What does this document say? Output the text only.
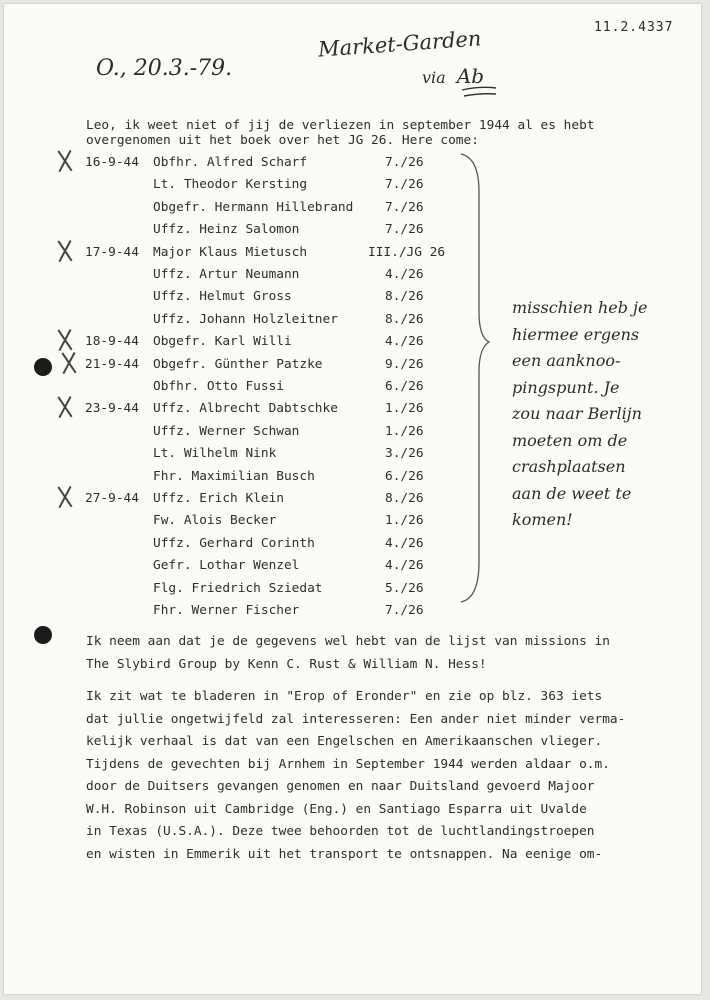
11.2.4337
O., 20.3.-79.
Market-Garden
via Ab
Leo, ik weet niet of jij de verliezen in september 1944 al es hebt
overgenomen uit het boek over het JG 26. Here come:
16-9-44 Obfhr. Alfred Scharf	7./26
Lt. Theodor Kersting	7./26
Obgefr. Hermann Hillebrand 7./26
Uffz. Heinz Salomon	7./26
17-9-44 Major Klaus Mietusch	III./JG 26
Uffz. Artur Neumann	4./26
Uffz. Helmut Gross	8./26
Uffz. Johann Holzleitner	8./26
18-9-44 Obgefr. Karl Willi	4./26
21-9-44 Obgefr. Günther Patzke	9./26
Obfhr. Otto Fussi	6./26
23-9-44 Uffz. Albrecht Dabtschke	1./26
Uffz. Werner Schwan	1./26
Lt. Wilhelm Nink	3./26
Fhr. Maximilian Busch	6./26
27-9-44 Uffz. Erich Klein	8./26
Fw. Alois Becker	1./26
Uffz. Gerhard Corinth	4./26
Gefr. Lothar Wenzel	4./26
Flg. Friedrich Sziedat	5./26
Fhr. Werner Fischer	7./26
misschien heb je
hiermee ergens
een aanknoo-
pingspunt. Je
zou naar Berlijn
moeten om de
crashplaatsen
aan de weet te
komen!
Ik neem aan dat je de gegevens wel hebt van de lijst van missions in
The Slybird Group by Kenn C. Rust & William N. Hess!
Ik zit wat te bladeren in "Erop of Eronder" en zie op blz. 363 iets
dat jullie ongetwijfeld zal interesseren: Een ander niet minder verma-
kelijk verhaal is dat van een Engelschen en Amerikaanschen vlieger.
Tijdens de gevechten bij Arnhem in September 1944 werden aldaar o.m.
door de Duitsers gevangen genomen en naar Duitsland gevoerd Majoor
W.H. Robinson uit Cambridge (Eng.) en Santiago Esparra uit Uvalde
in Texas (U.S.A.). Deze twee behoorden tot de luchtlandingstroepen
en wisten in Emmerik uit het transport te ontsnappen. Na eenige om-
